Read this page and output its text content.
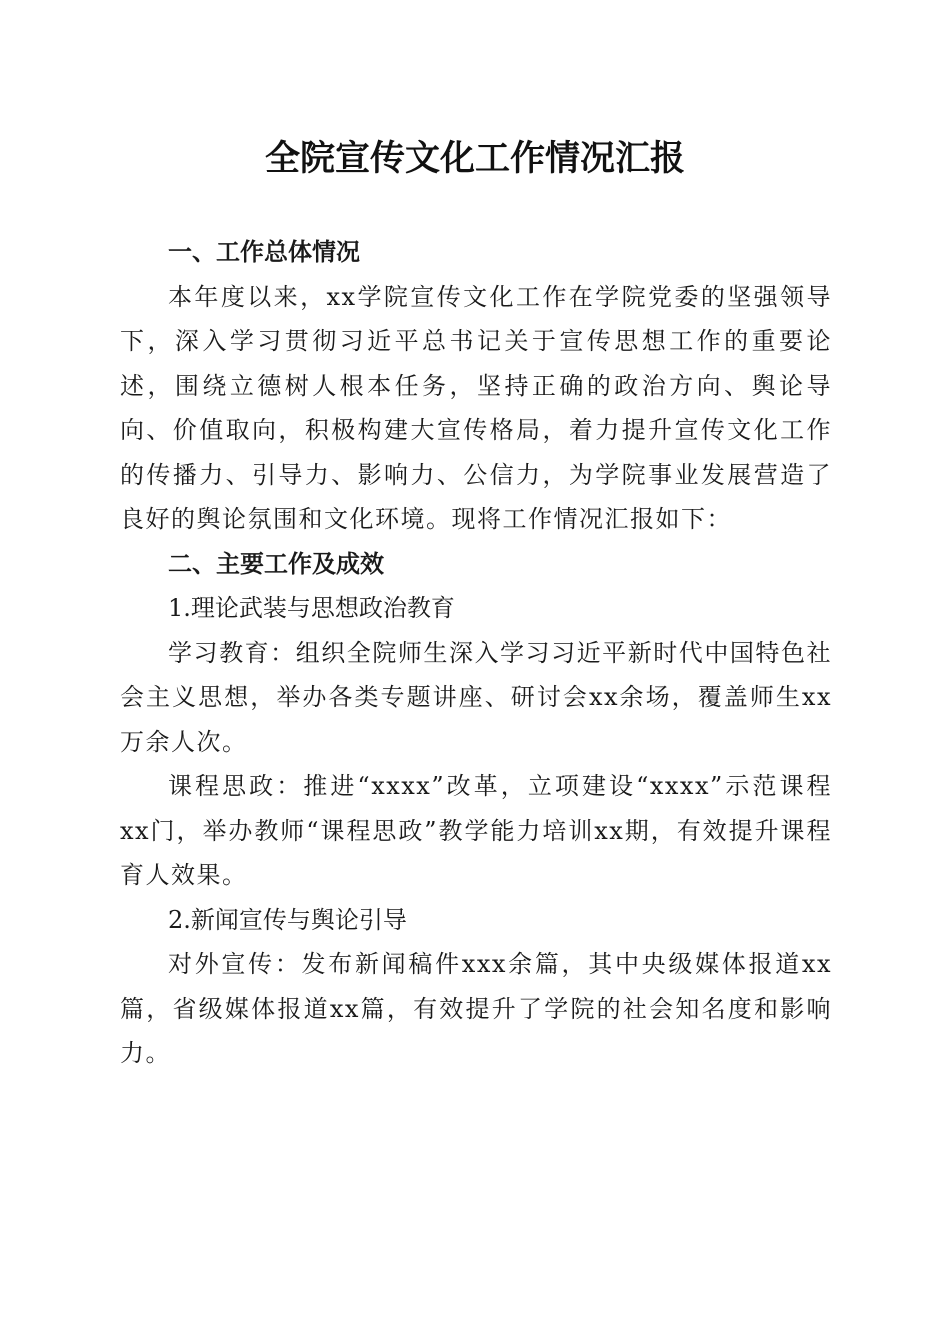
全院宣传文化工作情况汇报

一、工作总体情况

本年度以来，xx学院宣传文化工作在学院党委的坚强领导下，深入学习贯彻习近平总书记关于宣传思想工作的重要论述，围绕立德树人根本任务，坚持正确的政治方向、舆论导向、价值取向，积极构建大宣传格局，着力提升宣传文化工作的传播力、引导力、影响力、公信力，为学院事业发展营造了良好的舆论氛围和文化环境。现将工作情况汇报如下：

二、主要工作及成效

1.理论武装与思想政治教育

学习教育：组织全院师生深入学习习近平新时代中国特色社会主义思想，举办各类专题讲座、研讨会xx余场，覆盖师生xx万余人次。

课程思政：推进“xxxx”改革，立项建设“xxxx”示范课程xx门，举办教师“课程思政”教学能力培训xx期，有效提升课程育人效果。

2.新闻宣传与舆论引导

对外宣传：发布新闻稿件xxx余篇，其中央级媒体报道xx篇，省级媒体报道xx篇，有效提升了学院的社会知名度和影响力。
